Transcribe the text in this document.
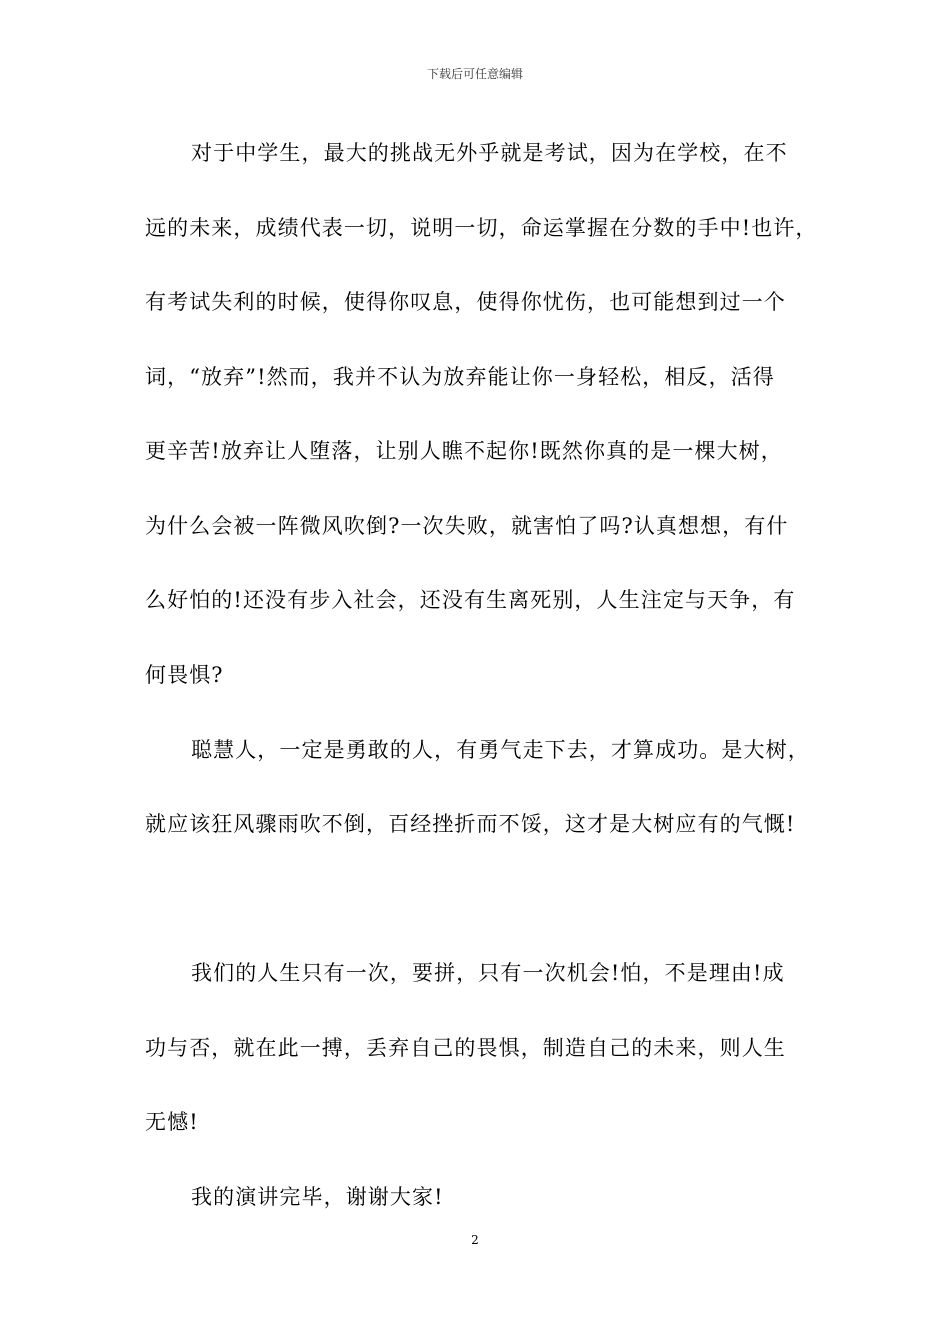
下载后可任意编辑
对于中学生，最大的挑战无外乎就是考试，因为在学校，在不
远的未来，成绩代表一切，说明一切，命运掌握在分数的手中!也许，
有考试失利的时候，使得你叹息，使得你忧伤，也可能想到过一个
词，“放弃”!然而，我并不认为放弃能让你一身轻松，相反，活得
更辛苦!放弃让人堕落，让别人瞧不起你!既然你真的是一棵大树，
为什么会被一阵微风吹倒?一次失败，就害怕了吗?认真想想，有什
么好怕的!还没有步入社会，还没有生离死别，人生注定与天争，有
何畏惧?
聪慧人，一定是勇敢的人，有勇气走下去，才算成功。是大树，
就应该狂风骤雨吹不倒，百经挫折而不馁，这才是大树应有的气慨!
我们的人生只有一次，要拼，只有一次机会!怕，不是理由!成
功与否，就在此一搏，丢弃自己的畏惧，制造自己的未来，则人生
无憾!
我的演讲完毕，谢谢大家!
2
